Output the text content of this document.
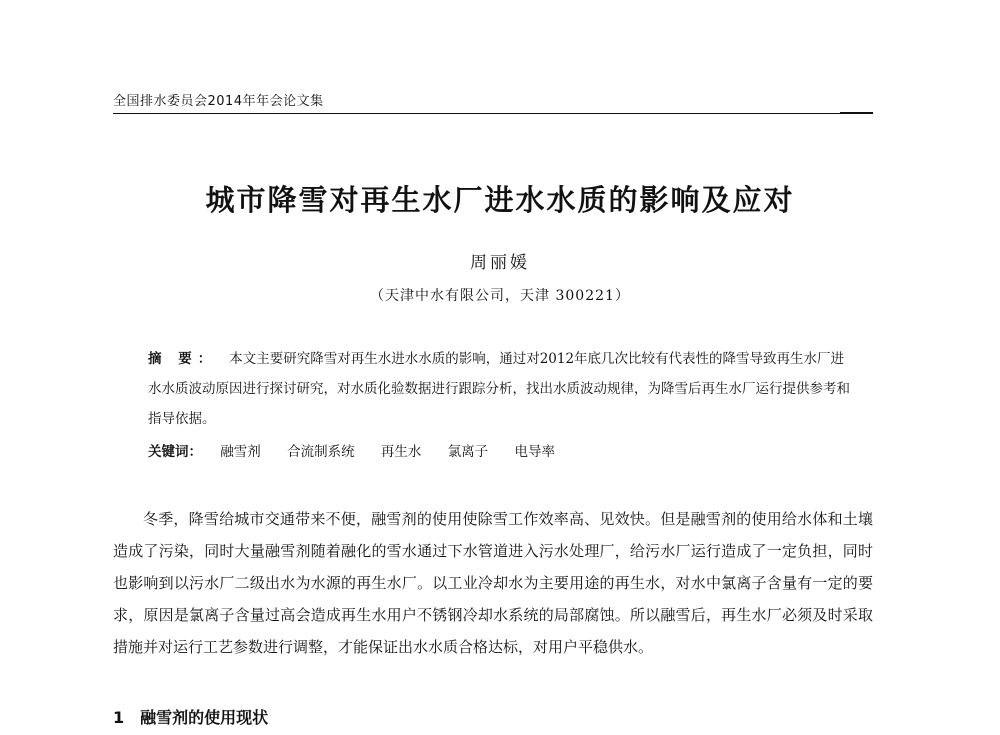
全国排水委员会2014年年会论文集
城市降雪对再生水厂进水水质的影响及应对
周丽媛
（天津中水有限公司，天津 300221）
摘 要： 本文主要研究降雪对再生水进水水质的影响，通过对2012年底几次比较有代表性的降雪导致再生水厂进水水质波动原因进行探讨研究，对水质化验数据进行跟踪分析，找出水质波动规律，为降雪后再生水厂运行提供参考和指导依据。
关键词： 融雪剂 合流制系统 再生水 氯离子 电导率
冬季，降雪给城市交通带来不便，融雪剂的使用使除雪工作效率高、见效快。但是融雪剂的使用给水体和土壤造成了污染，同时大量融雪剂随着融化的雪水通过下水管道进入污水处理厂，给污水厂运行造成了一定负担，同时也影响到以污水厂二级出水为水源的再生水厂。以工业冷却水为主要用途的再生水，对水中氯离子含量有一定的要求，原因是氯离子含量过高会造成再生水用户不锈钢冷却水系统的局部腐蚀。所以融雪后，再生水厂必须及时采取措施并对运行工艺参数进行调整，才能保证出水水质合格达标，对用户平稳供水。
1 融雪剂的使用现状
